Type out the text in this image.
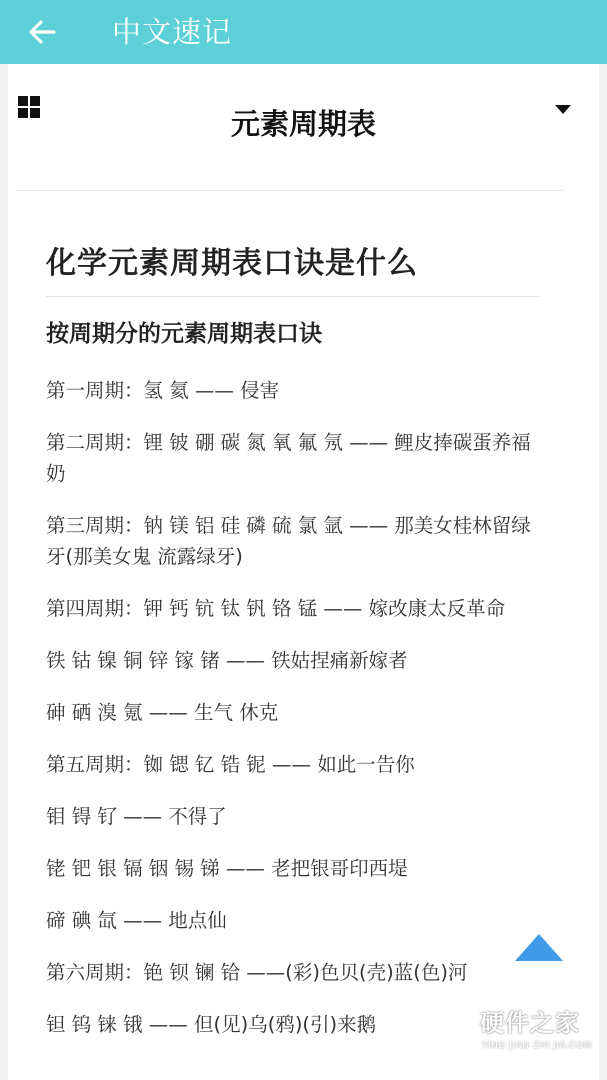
中文速记
元素周期表
化学元素周期表口诀是什么
按周期分的元素周期表口诀

第一周期：氢 氦 —— 侵害

第二周期：锂 铍 硼 碳 氮 氧 氟 氖 —— 鲤皮捧碳蛋养福奶

第三周期：钠 镁 铝 硅 磷 硫 氯 氩 —— 那美女桂林留绿牙(那美女鬼 流露绿牙)

第四周期：钾 钙 钪 钛 钒 铬 锰 —— 嫁改康太反革命

铁 钴 镍 铜 锌 镓 锗 —— 铁姑捏痛新嫁者

砷 硒 溴 氪 —— 生气 休克

第五周期：铷 锶 钇 锆 铌 —— 如此一告你

钼 锝 钌 —— 不得了

铑 钯 银 镉 铟 锡 锑 —— 老把银哥印西堤

碲 碘 氙 —— 地点仙

第六周期：铯 钡 镧 铪 ——(彩)色贝(壳)蓝(色)河

钽 钨 铼 锇 —— 但(见)乌(鸦)(引)来鹅	硬件之家
YING JIAN ZHI JIA.COM
